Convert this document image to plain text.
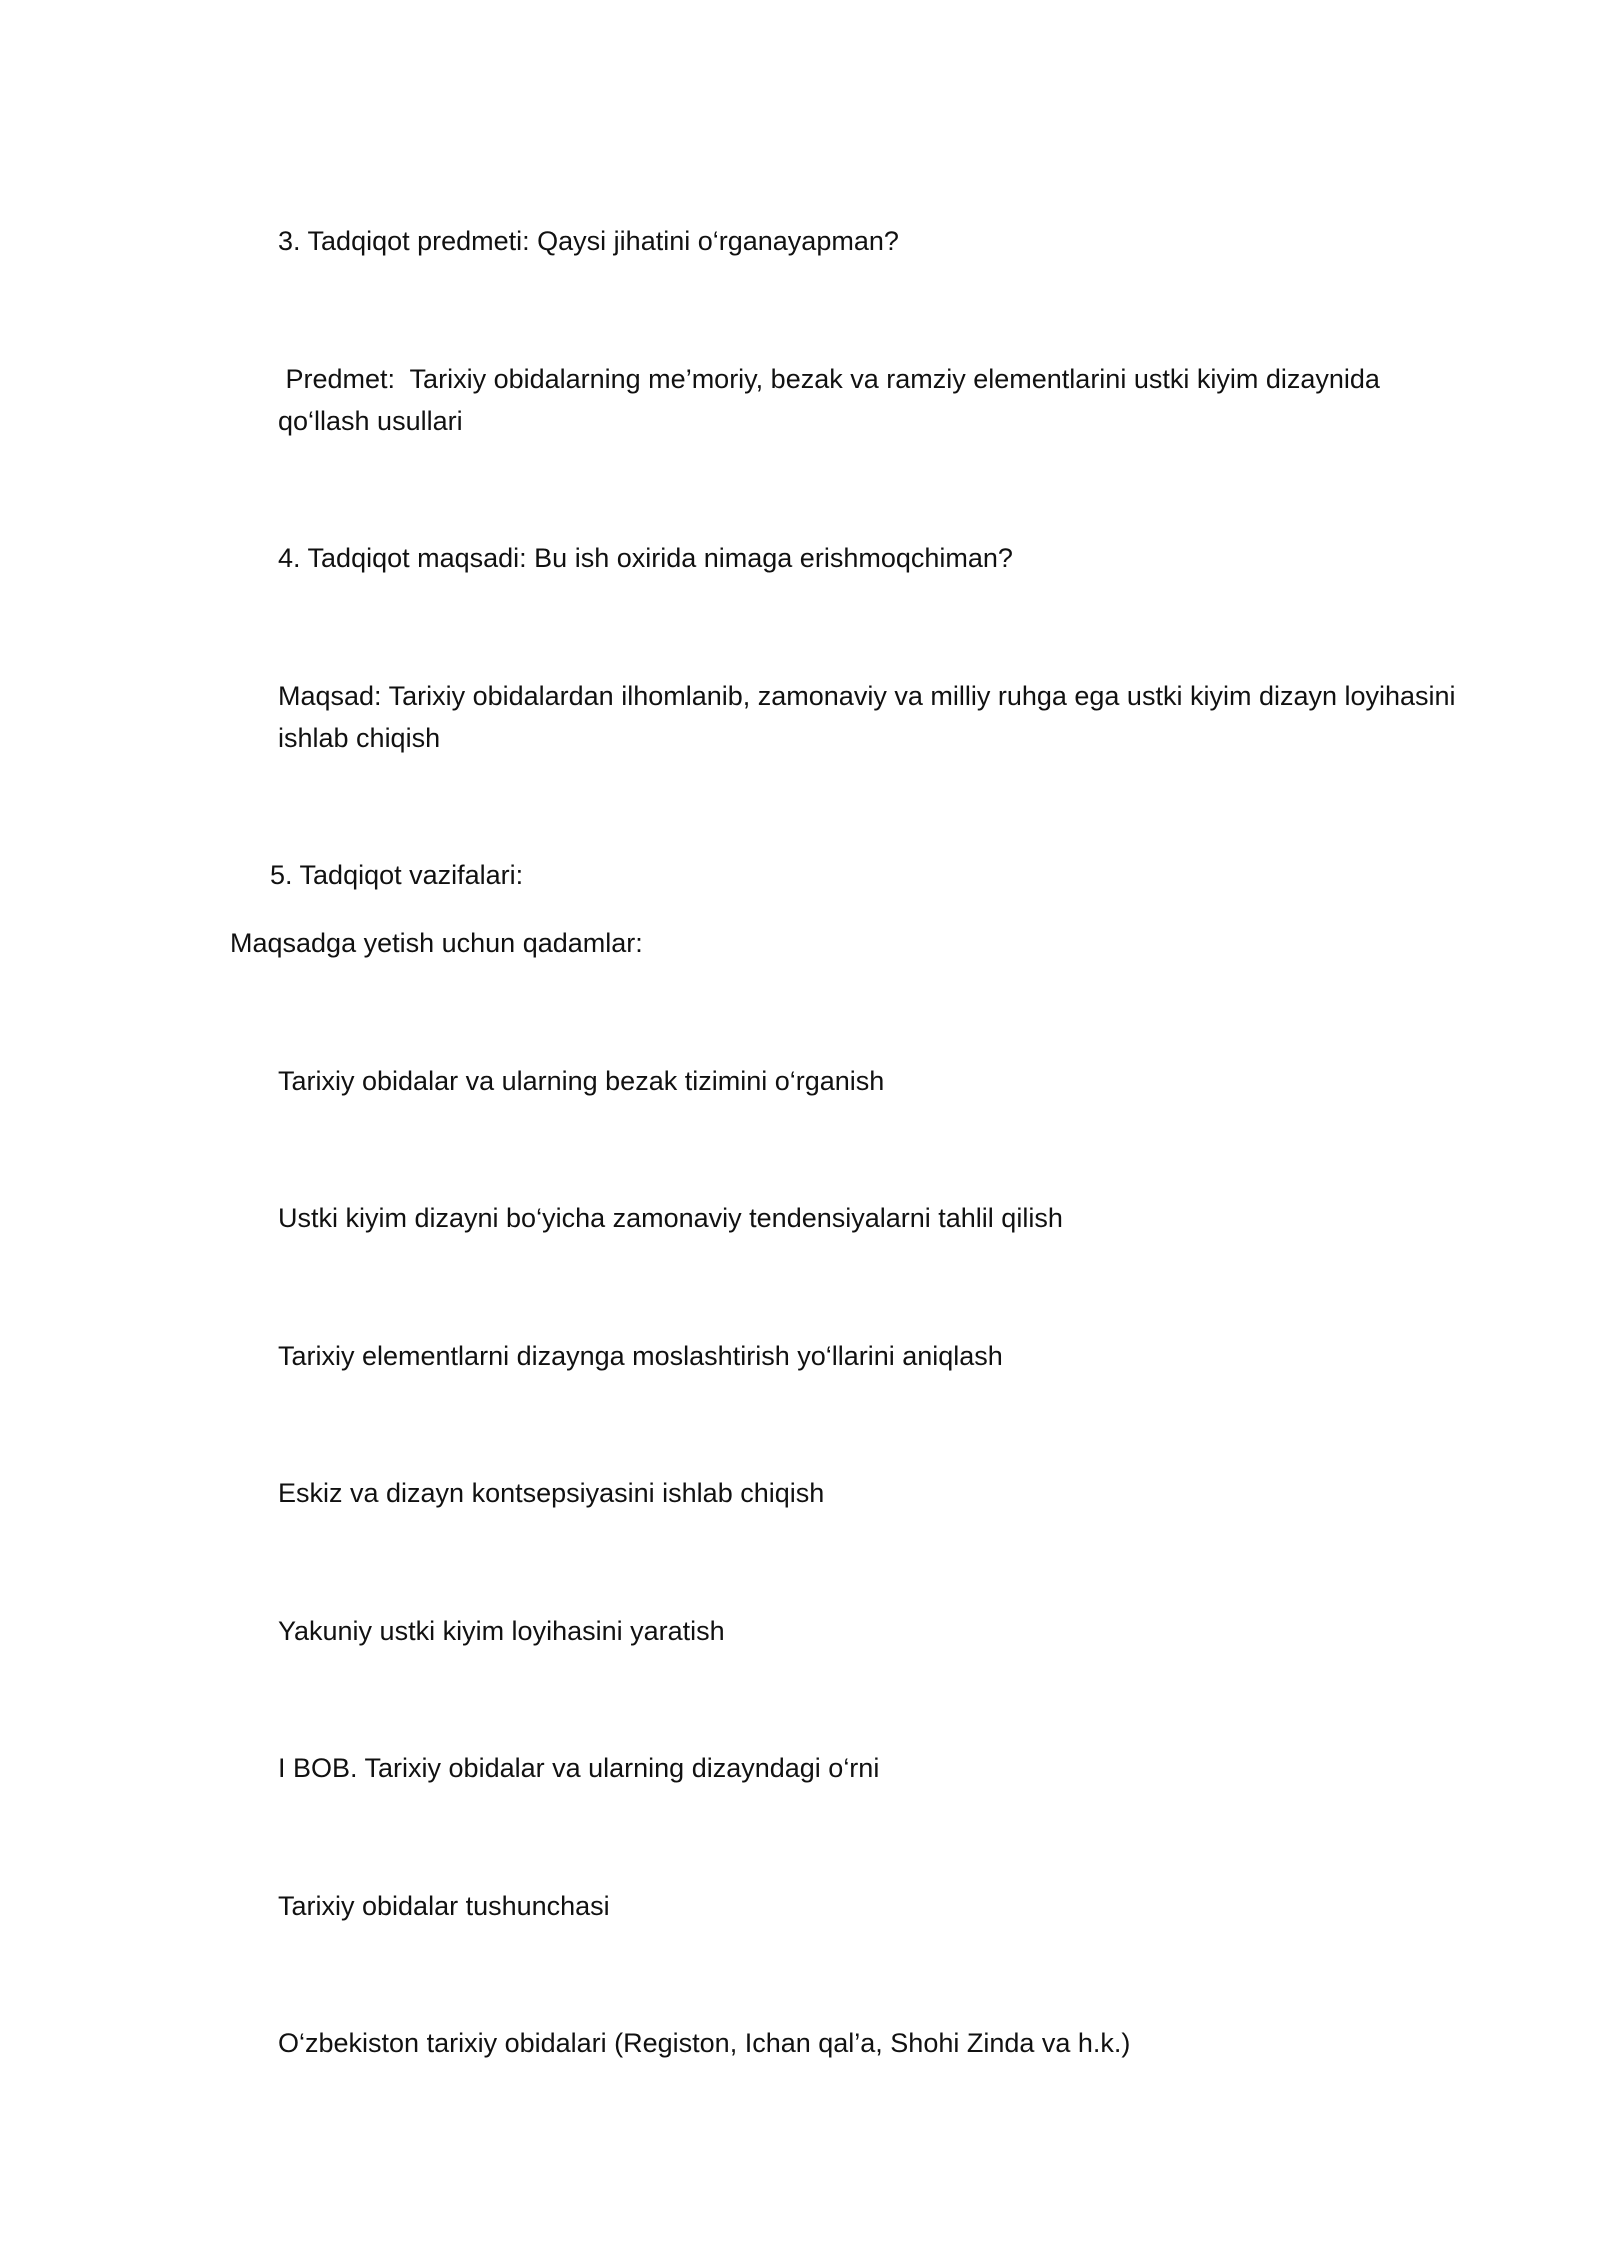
3. Tadqiqot predmeti: Qaysi jihatini o‘rganayapman?

Predmet:  Tarixiy obidalarning me’moriy, bezak va ramziy elementlarini ustki kiyim dizaynida
qo‘llash usullari

4. Tadqiqot maqsadi: Bu ish oxirida nimaga erishmoqchiman?

Maqsad: Tarixiy obidalardan ilhomlanib, zamonaviy va milliy ruhga ega ustki kiyim dizayn loyihasini
ishlab chiqish

5. Tadqiqot vazifalari:

Maqsadga yetish uchun qadamlar:

Tarixiy obidalar va ularning bezak tizimini o‘rganish

Ustki kiyim dizayni bo‘yicha zamonaviy tendensiyalarni tahlil qilish

Tarixiy elementlarni dizaynga moslashtirish yo‘llarini aniqlash

Eskiz va dizayn kontsepsiyasini ishlab chiqish

Yakuniy ustki kiyim loyihasini yaratish

I BOB. Tarixiy obidalar va ularning dizayndagi o‘rni

Tarixiy obidalar tushunchasi

O‘zbekiston tarixiy obidalari (Registon, Ichan qal’a, Shohi Zinda va h.k.)
